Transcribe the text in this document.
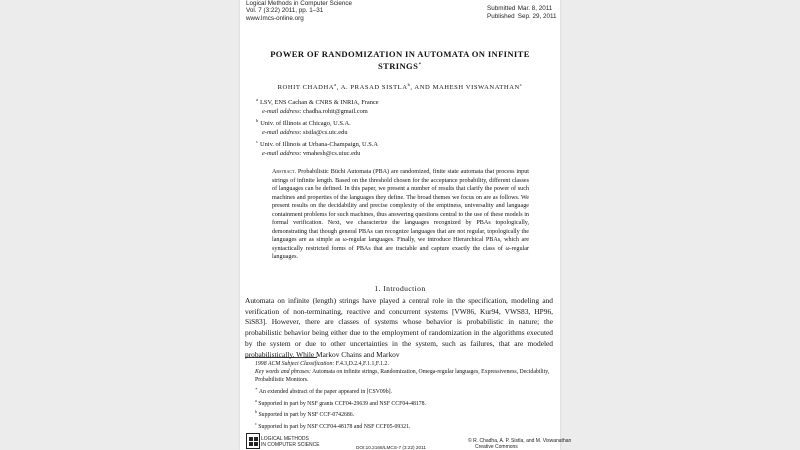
Logical Methods in Computer Science
Vol. 7 (3:22) 2011, pp. 1–31
www.lmcs-online.org
Submitted Mar. 8, 2011
Published Sep. 29, 2011
POWER OF RANDOMIZATION IN AUTOMATA ON INFINITE
STRINGS∗
ROHIT CHADHA$^a$, A. PRASAD SISTLA$^b$, AND MAHESH VISWANATHAN$^c$
$^a$ LSV, ENS Cachan & CNRS & INRIA, France
e-mail address: chadha.rohit@gmail.com
$^b$ Univ. of Illinois at Chicago, U.S.A.
e-mail address: sistla@cs.uic.edu
$^c$ Univ. of Illinois at Urbana-Champaign, U.S.A
e-mail address: vmahesh@cs.uiuc.edu
Abstract. Probabilistic Büchi Automata (PBA) are randomized, finite state automata that process input strings of infinite length. Based on the threshold chosen for the acceptance probability, different classes of languages can be defined. In this paper, we present a number of results that clarify the power of such machines and properties of the languages they define. The broad themes we focus on are as follows. We present results on the decidability and precise complexity of the emptiness, universality and language containment problems for such machines, thus answering questions central to the use of these models in formal verification. Next, we characterize the languages recognized by PBAs topologically, demonstrating that though general PBAs can recognize languages that are not regular, topologically the languages are as simple as ω-regular languages. Finally, we introduce Hierarchical PBAs, which are syntactically restricted forms of PBAs that are tractable and capture exactly the class of ω-regular languages.
1. Introduction
Automata on infinite (length) strings have played a central role in the specification, modeling and verification of non-terminating, reactive and concurrent systems [VW86, Kur94, VWS83, HP96, SiS83]. However, there are classes of systems whose behavior is probabilistic in nature; the probabilistic behavior being either due to the employment of randomization in the algorithms executed by the system or due to other uncertainties in the system, such as failures, that are modeled probabilistically. While Markov Chains and Markov
1998 ACM Subject Classification: F.4.3,D.2.4,F.1.1,F.1.2.
Key words and phrases: Automata on infinite strings, Randomization, Omega-regular languages, Expressiveness, Decidability, Probabilistic Monitors.
∗ An extended abstract of the paper appeared in [CSV09b].
$^a$ Supported in part by NSF grants CCF04-29639 and NSF CCF04-48178.
$^b$ Supported in part by NSF CCF-0742686.
$^c$ Supported in part by NSF CCF04-48178 and NSF CCF05-09321.
LOGICAL METHODS
IN COMPUTER SCIENCE	DOI:10.2168/LMCS-7 (3:22) 2011
© R. Chadha, A. P. Sistla, and M. Viswanathan
Creative Commons
